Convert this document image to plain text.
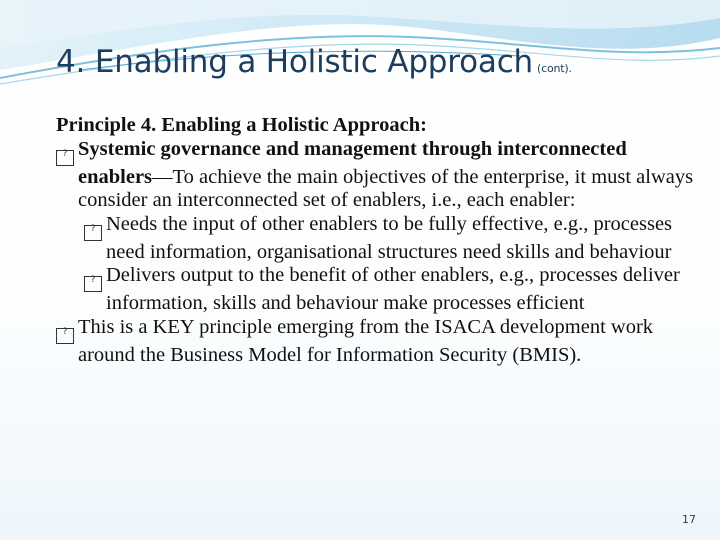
4. Enabling a Holistic Approach (cont).
Principle 4. Enabling a Holistic Approach:
? Systemic governance and management through interconnected enablers—To achieve the main objectives of the enterprise, it must always consider an interconnected set of enablers, i.e., each enabler:
? Needs the input of other enablers to be fully effective, e.g., processes need information, organisational structures need skills and behaviour
? Delivers output to the benefit of other enablers, e.g., processes deliver information, skills and behaviour make processes efficient
? This is a KEY principle emerging from the ISACA development work around the Business Model for Information Security (BMIS).
17
